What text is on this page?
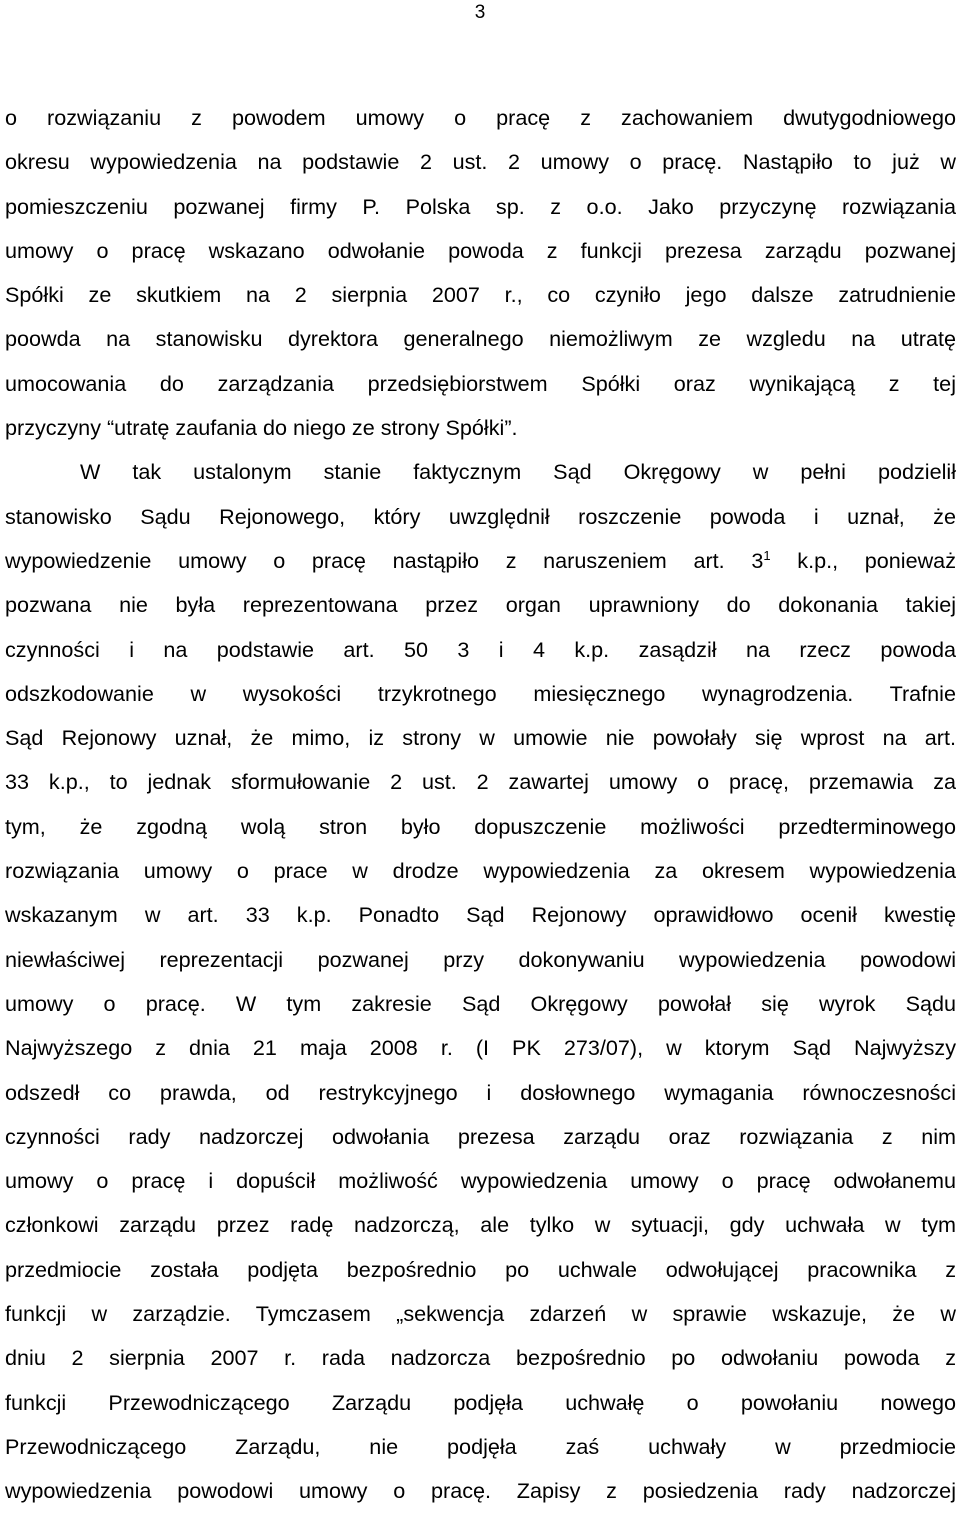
3
o rozwiązaniu z powodem umowy o pracę z zachowaniem dwutygodniowego
okresu wypowiedzenia na podstawie 2 ust. 2 umowy o pracę. Nastąpiło to już w
pomieszczeniu pozwanej firmy P. Polska sp. z o.o. Jako przyczynę rozwiązania
umowy o pracę wskazano odwołanie powoda z funkcji prezesa zarządu pozwanej
Spółki ze skutkiem na 2 sierpnia 2007 r., co czyniło jego dalsze zatrudnienie
poowda na stanowisku dyrektora generalnego niemożliwym ze wzgledu na utratę
umocowania do zarządzania przedsiębiorstwem Spółki oraz wynikającą z tej
przyczyny “utratę zaufania do niego ze strony Spółki”.
W tak ustalonym stanie faktycznym Sąd Okręgowy w pełni podzielił
stanowisko Sądu Rejonowego, który uwzględnił roszczenie powoda i uznał, że
wypowiedzenie umowy o pracę nastąpiło z naruszeniem art. $3^1$ k.p., ponieważ
pozwana nie była reprezentowana przez organ uprawniony do dokonania takiej
czynności i na podstawie art. 50 3 i 4 k.p. zasądził na rzecz powoda
odszkodowanie w wysokości trzykrotnego miesięcznego wynagrodzenia. Trafnie
Sąd Rejonowy uznał, że mimo, iz strony w umowie nie powołały się wprost na art.
33 k.p., to jednak sformułowanie 2 ust. 2 zawartej umowy o pracę, przemawia za
tym, że zgodną wolą stron było dopuszczenie możliwości przedterminowego
rozwiązania umowy o prace w drodze wypowiedzenia za okresem wypowiedzenia
wskazanym w art. 33 k.p. Ponadto Sąd Rejonowy oprawidłowo ocenił kwestię
niewłaściwej reprezentacji pozwanej przy dokonywaniu wypowiedzenia powodowi
umowy o pracę. W tym zakresie Sąd Okręgowy powołał się wyrok Sądu
Najwyższego z dnia 21 maja 2008 r. (I PK 273/07), w ktorym Sąd Najwyższy
odszedł co prawda, od restrykcyjnego i dosłownego wymagania równoczesności
czynności rady nadzorczej odwołania prezesa zarządu oraz rozwiązania z nim
umowy o pracę i dopuścił możliwość wypowiedzenia umowy o pracę odwołanemu
członkowi zarządu przez radę nadzorczą, ale tylko w sytuacji, gdy uchwała w tym
przedmiocie została podjęta bezpośrednio po uchwale odwołującej pracownika z
funkcji w zarządzie. Tymczasem „sekwencja zdarzeń w sprawie wskazuje, że w
dniu 2 sierpnia 2007 r. rada nadzorcza bezpośrednio po odwołaniu powoda z
funkcji Przewodniczącego Zarządu podjęła uchwałę o powołaniu nowego
Przewodniczącego Zarządu, nie podjęła zaś uchwały w przedmiocie
wypowiedzenia powodowi umowy o pracę. Zapisy z posiedzenia rady nadzorczej
